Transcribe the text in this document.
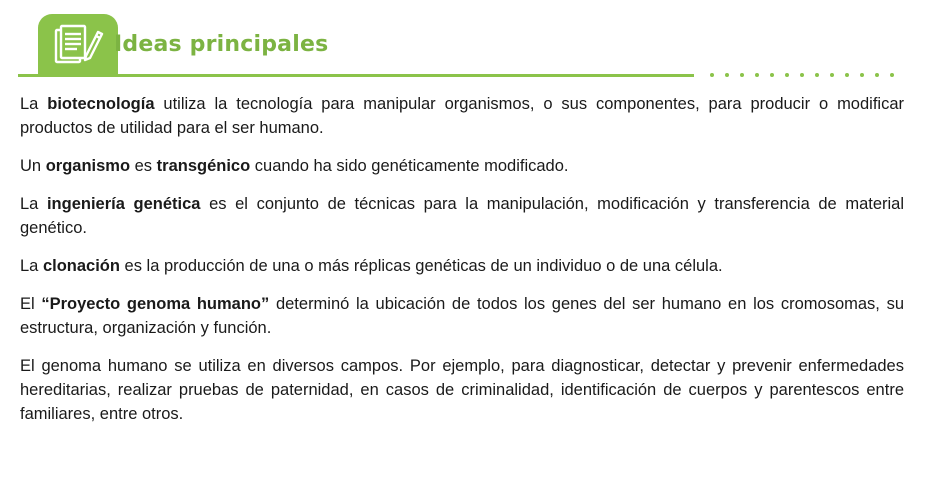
Ideas principales

La biotecnología utiliza la tecnología para manipular organismos, o sus componentes, para producir o modificar productos de utilidad para el ser humano.

Un organismo es transgénico cuando ha sido genéticamente modificado.

La ingeniería genética es el conjunto de técnicas para la manipulación, modificación y transferencia de material genético.

La clonación es la producción de una o más réplicas genéticas de un individuo o de una célula.

El “Proyecto genoma humano” determinó la ubicación de todos los genes del ser humano en los cromosomas, su estructura, organización y función.

El genoma humano se utiliza en diversos campos. Por ejemplo, para diagnosticar, detectar y prevenir enfermedades hereditarias, realizar pruebas de paternidad, en casos de criminalidad, identificación de cuerpos y parentescos entre familiares, entre otros.
